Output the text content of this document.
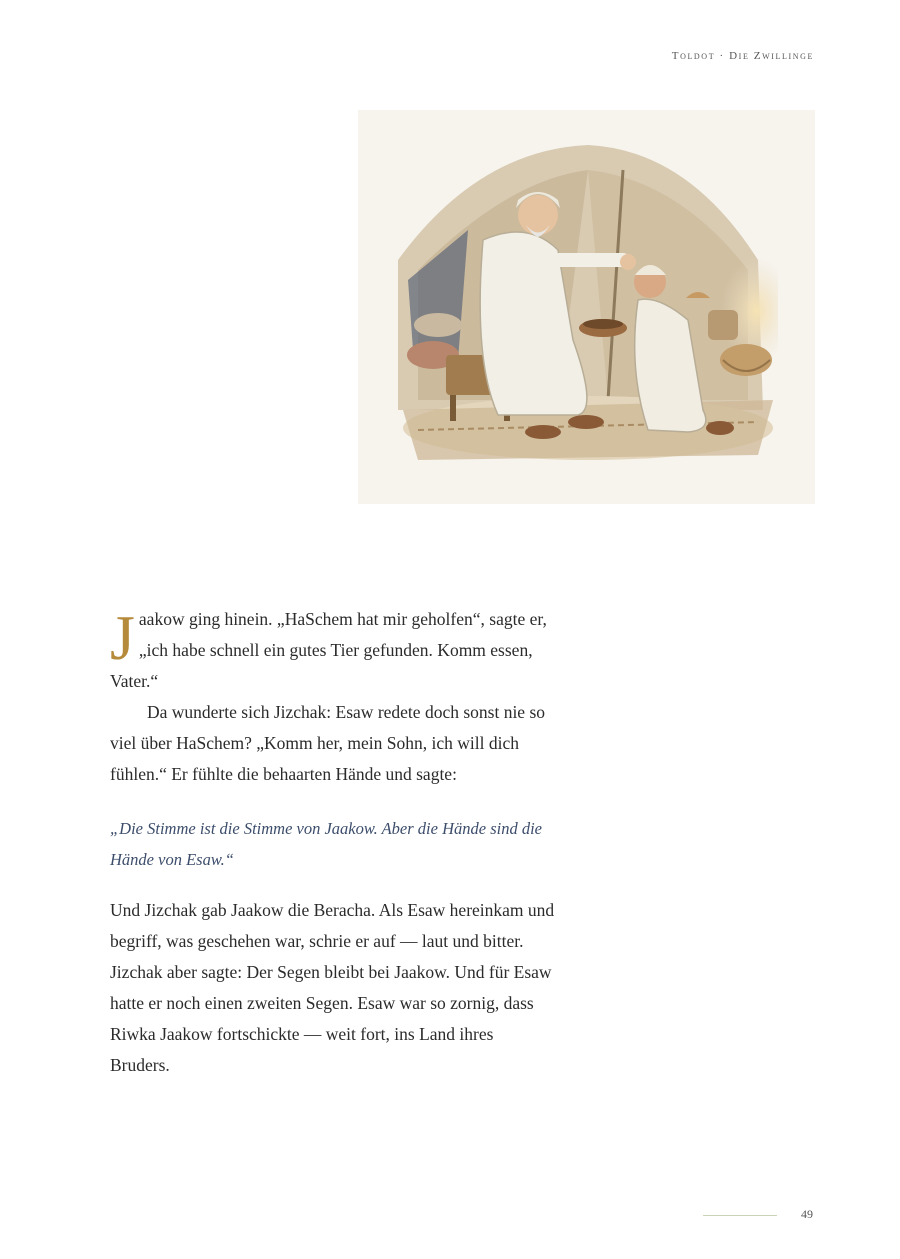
Toldot · Die Zwillinge

Jaakow ging hinein. „HaSchem hat mir geholfen“, sagte er, „ich habe schnell ein gutes Tier gefunden. Komm essen, Vater.“

Da wunderte sich Jizchak: Esaw redete doch sonst nie so viel über HaSchem? „Komm her, mein Sohn, ich will dich fühlen.“ Er fühlte die behaarten Hände und sagte:

„Die Stimme ist die Stimme von Jaakow. Aber die Hände sind die Hände von Esaw.“

Und Jizchak gab Jaakow die Beracha. Als Esaw hereinkam und begriff, was geschehen war, schrie er auf — laut und bitter. Jizchak aber sagte: Der Segen bleibt bei Jaakow. Und für Esaw hatte er noch einen zweiten Segen. Esaw war so zornig, dass Riwka Jaakow fortschickte — weit fort, ins Land ihres Bruders.

49
